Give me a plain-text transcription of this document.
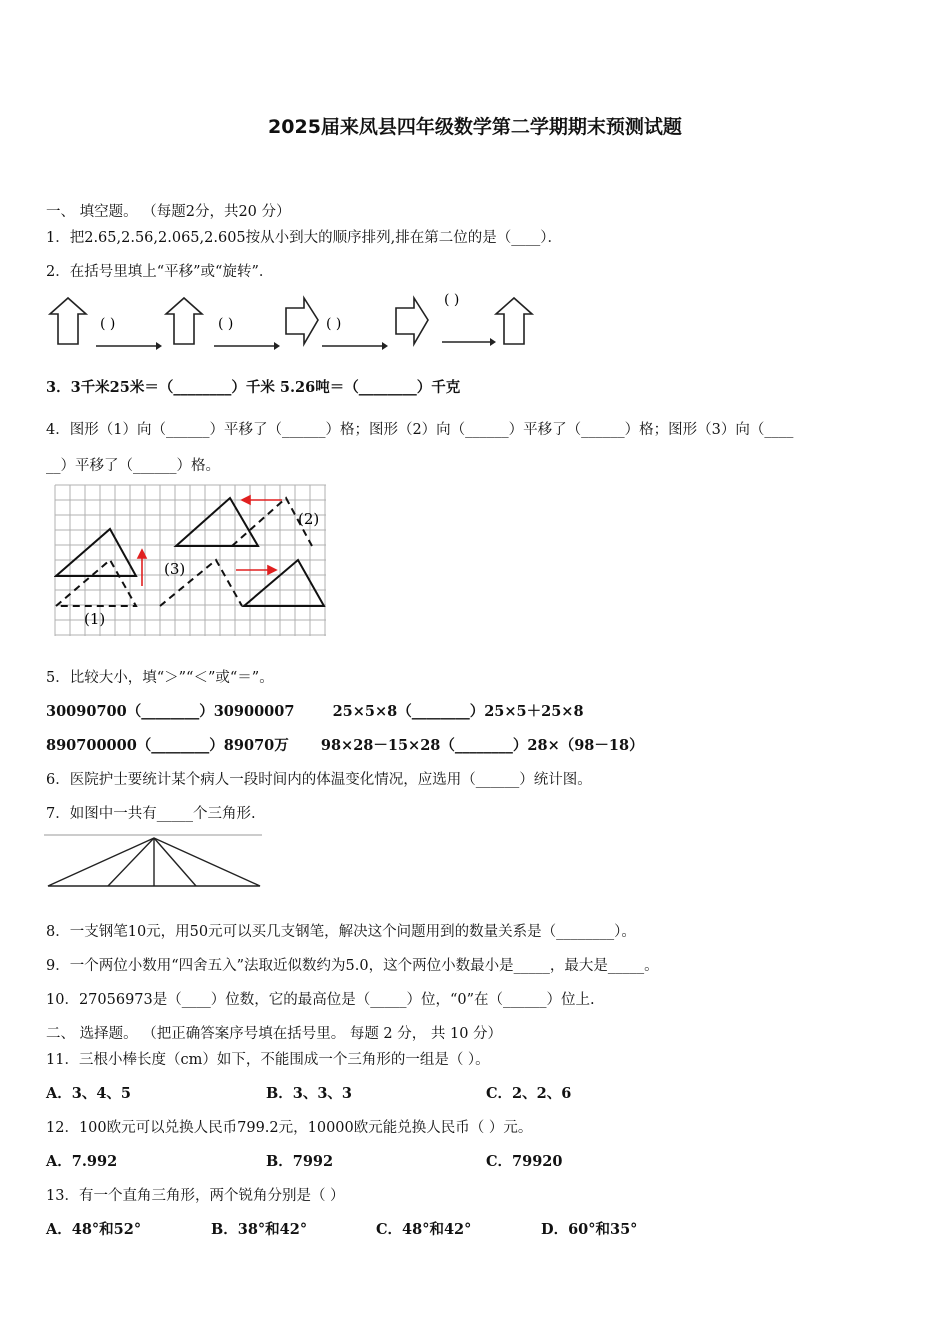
2025届来凤县四年级数学第二学期期末预测试题
一、 填空题。 （每题2分，共20 分）
1．把2.65,2.56,2.065,2.605按从小到大的顺序排列,排在第二位的是（____）．
2．在括号里填上“平移”或“旋转”．
( )	( )	( )
( )
3．3千米25米＝（________）千米 5.26吨＝（________）千克
4．图形（1）向（______）平移了（______）格；图形（2）向（______）平移了（______）格；图形（3）向（____
__）平移了（______）格。
(1)
(2)
(3)
5．比较大小，填“＞”“＜”或“＝”。
30090700（________）30900007	25×5×8（________）25×5＋25×8
890700000（________）89070万 98×28－15×28（________）28×（98－18）
6．医院护士要统计某个病人一段时间内的体温变化情况，应选用（______）统计图。
7．如图中一共有_____个三角形.
8．一支钢笔10元，用50元可以买几支钢笔，解决这个问题用到的数量关系是（________）。
9．一个两位小数用“四舍五入”法取近似数约为5.0，这个两位小数最小是_____，最大是_____。
10．27056973是（____）位数，它的最高位是（_____）位，“0”在（______）位上.
二、 选择题。 （把正确答案序号填在括号里。 每题 2 分， 共 10 分）
11．三根小棒长度（cm）如下，不能围成一个三角形的一组是（ ）。
A．3、4、5	B．3、3、3	C．2、2、6
12．100欧元可以兑换人民币799.2元，10000欧元能兑换人民币（ ）元。
A．7.992	B．7992	C．79920
13．有一个直角三角形，两个锐角分别是（ ）
A．48°和52°	B．38°和42°	C．48°和42°	D．60°和35°
